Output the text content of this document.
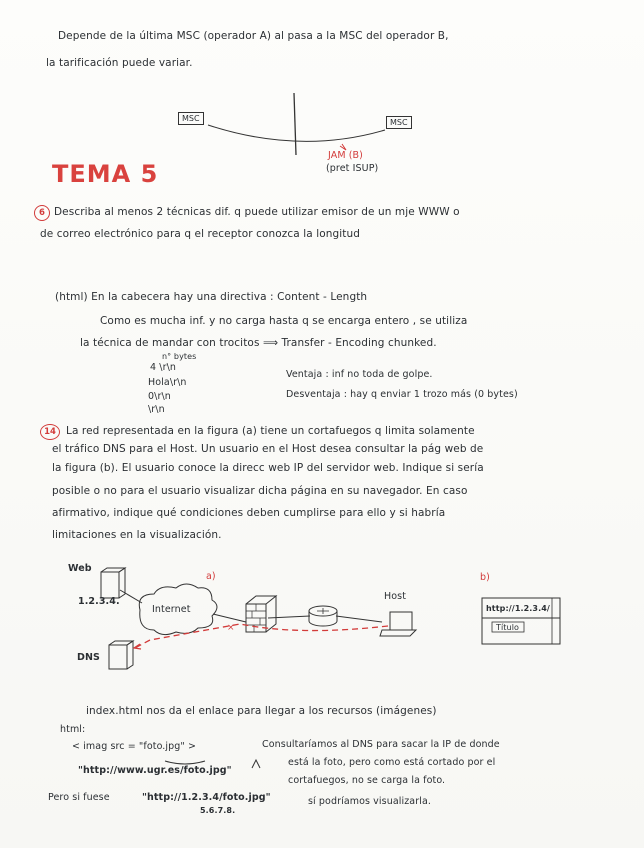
Depende de la última MSC (operador A) al pasa a la MSC del operador B,
la tarificación puede variar.
×
MSC	MSC
JAM (B)
(pret ISUP)
TEMA 5
6 Describa al menos 2 técnicas dif. q puede utilizar emisor de un mje WWW o
de correo electrónico para q el receptor conozca la longitud
(html) En la cabecera hay una directiva : Content - Length
Como es mucha inf. y no carga hasta q se encarga entero , se utiliza
la técnica de mandar con trocitos ⟹ Transfer - Encoding chunked.
n° bytes
4 \r\n
Hola\r\n
0\r\n
\r\n
Ventaja : inf no toda de golpe.
Desventaja : hay q enviar 1 trozo más (0 bytes)
14 La red representada en la figura (a) tiene un cortafuegos q limita solamente
el tráfico DNS para el Host. Un usuario en el Host desea consultar la pág web de
la figura (b). El usuario conoce la direcc web IP del servidor web. Indique si sería
posible o no para el usuario visualizar dicha página en su navegador. En caso
afirmativo, indique qué condiciones deben cumplirse para ello y si habría
limitaciones en la visualización.
Web
1.2.3.4.
Internet
DNS
a)
Host
b)
http://1.2.3.4/
Título
index.html nos da el enlace para llegar a los recursos (imágenes)
html:
< imag src = "foto.jpg" >
"http://www.ugr.es/foto.jpg"
Consultaríamos al DNS para sacar la IP de donde
está la foto, pero como está cortado por el
cortafuegos, no se carga la foto.
Pero si fuese	"http://1.2.3.4/foto.jpg"	sí podríamos visualizarla.
5.6.7.8.
